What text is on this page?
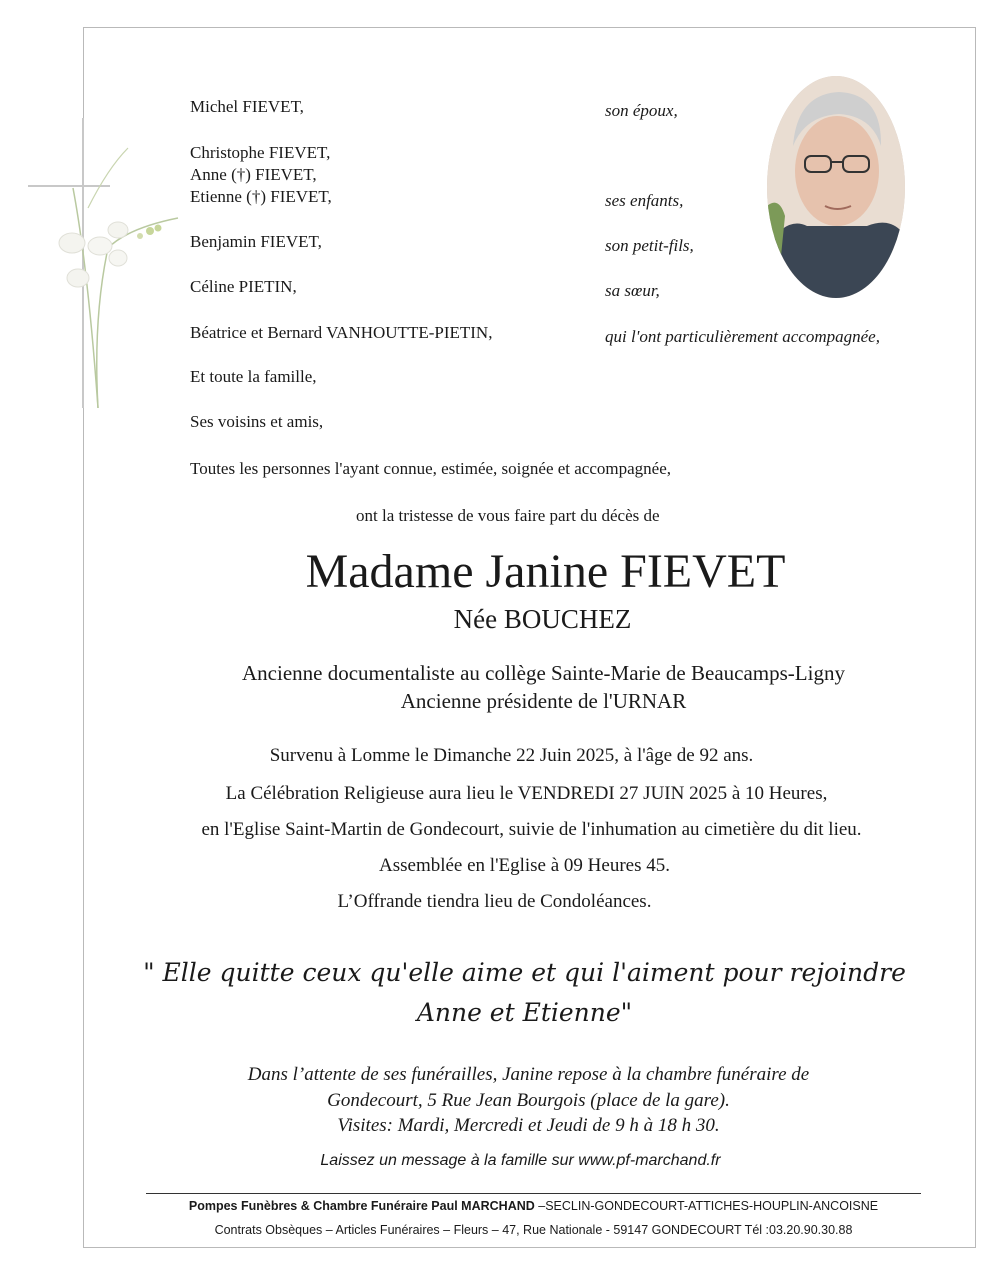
Michel FIEVET,	son époux,
Christophe FIEVET,
Anne (†) FIEVET,
Etienne (†) FIEVET,	ses enfants,
Benjamin FIEVET,	son petit-fils,
Céline PIETIN,	sa sœur,
Béatrice et Bernard VANHOUTTE-PIETIN,	qui l'ont particulièrement accompagnée,
Et toute la famille,
Ses voisins et amis,
Toutes les personnes l'ayant connue, estimée, soignée et accompagnée,
ont la tristesse de vous faire part du décès de
Madame Janine FIEVET
Née BOUCHEZ
Ancienne documentaliste au collège Sainte-Marie de Beaucamps-Ligny
Ancienne présidente de l'URNAR
Survenu à Lomme le Dimanche 22 Juin 2025, à l'âge de 92 ans.
La Célébration Religieuse aura lieu le VENDREDI 27 JUIN 2025 à 10 Heures,
en l'Eglise Saint-Martin de Gondecourt, suivie de l'inhumation au cimetière du dit lieu.
Assemblée en l'Eglise à 09 Heures 45.
L’Offrande tiendra lieu de Condoléances.
" Elle quitte ceux qu'elle aime et qui l'aiment pour rejoindre
Anne et Etienne"
Dans l’attente de ses funérailles, Janine repose à la chambre funéraire de
Gondecourt, 5 Rue Jean Bourgois (place de la gare).
Visites: Mardi, Mercredi et Jeudi de 9 h à 18 h 30.
Laissez un message à la famille sur www.pf-marchand.fr
Pompes Funèbres & Chambre Funéraire Paul MARCHAND –SECLIN-GONDECOURT-ATTICHES-HOUPLIN-ANCOISNE
Contrats Obsèques – Articles Funéraires – Fleurs – 47, Rue Nationale - 59147 GONDECOURT Tél :03.20.90.30.88
